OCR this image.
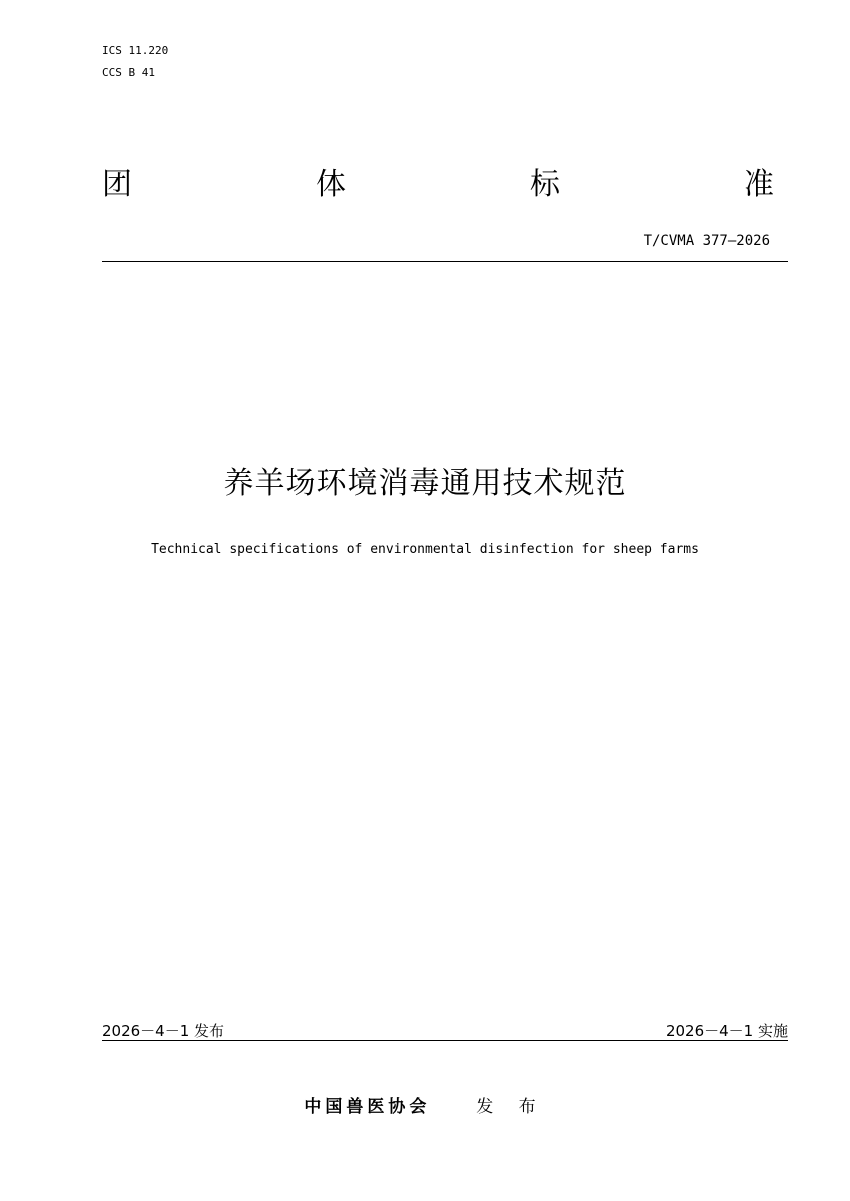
ICS 11.220
CCS B 41
团	体	标	准
T/CVMA 377—2026
养羊场环境消毒通用技术规范
Technical specifications of environmental disinfection for sheep farms
2026－4－1 发布	2026－4－1 实施
中国兽医协会	发 布
